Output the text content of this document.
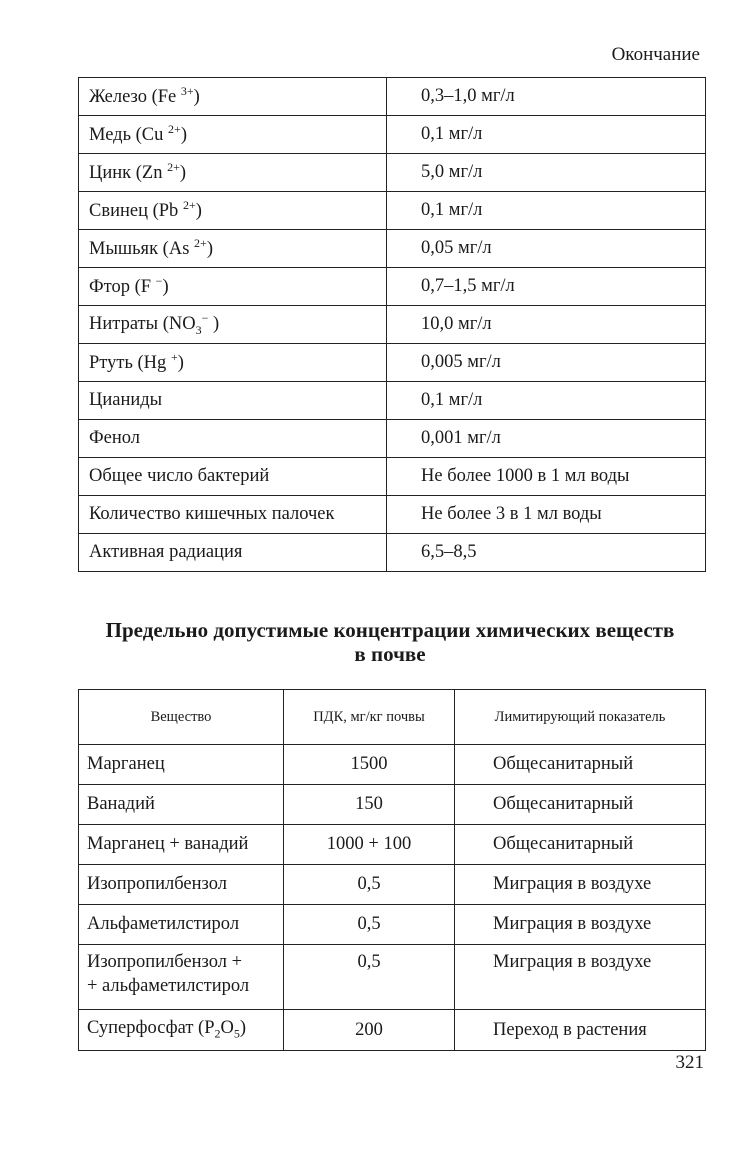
Окончание
Железо (Fe $^{3+}$)	0,3–1,0 мг/л
Медь (Cu $^{2+}$)	0,1 мг/л
Цинк (Zn $^{2+}$)	5,0 мг/л
Свинец (Pb $^{2+}$)	0,1 мг/л
Мышьяк (As $^{2+}$)	0,05 мг/л
Фтор (F −)	0,7–1,5 мг/л
Нитраты ($NO_3^-$ )	10,0 мг/л
Ртуть (Hg +)	0,005 мг/л
Цианиды	0,1 мг/л
Фенол	0,001 мг/л
Общее число бактерий	Не более 1000 в 1 мл воды
Количество кишечных палочек	Не более 3 в 1 мл воды
Активная радиация	6,5–8,5
Предельно допустимые концентрации химических веществ
в почве
Вещество	ПДК, мг/кг почвы	Лимитирующий показатель
Марганец	1500	Общесанитарный
Ванадий	150	Общесанитарный
Марганец + ванадий	1000 + 100	Общесанитарный
Изопропилбензол	0,5	Миграция в воздухе
Альфаметилстирол	0,5	Миграция в воздухе

Изопропилбензол +
+ альфаметилстирол	0,5	Миграция в воздухе
Суперфосфат $(P_2O_5)$	200	Переход в растения
321
